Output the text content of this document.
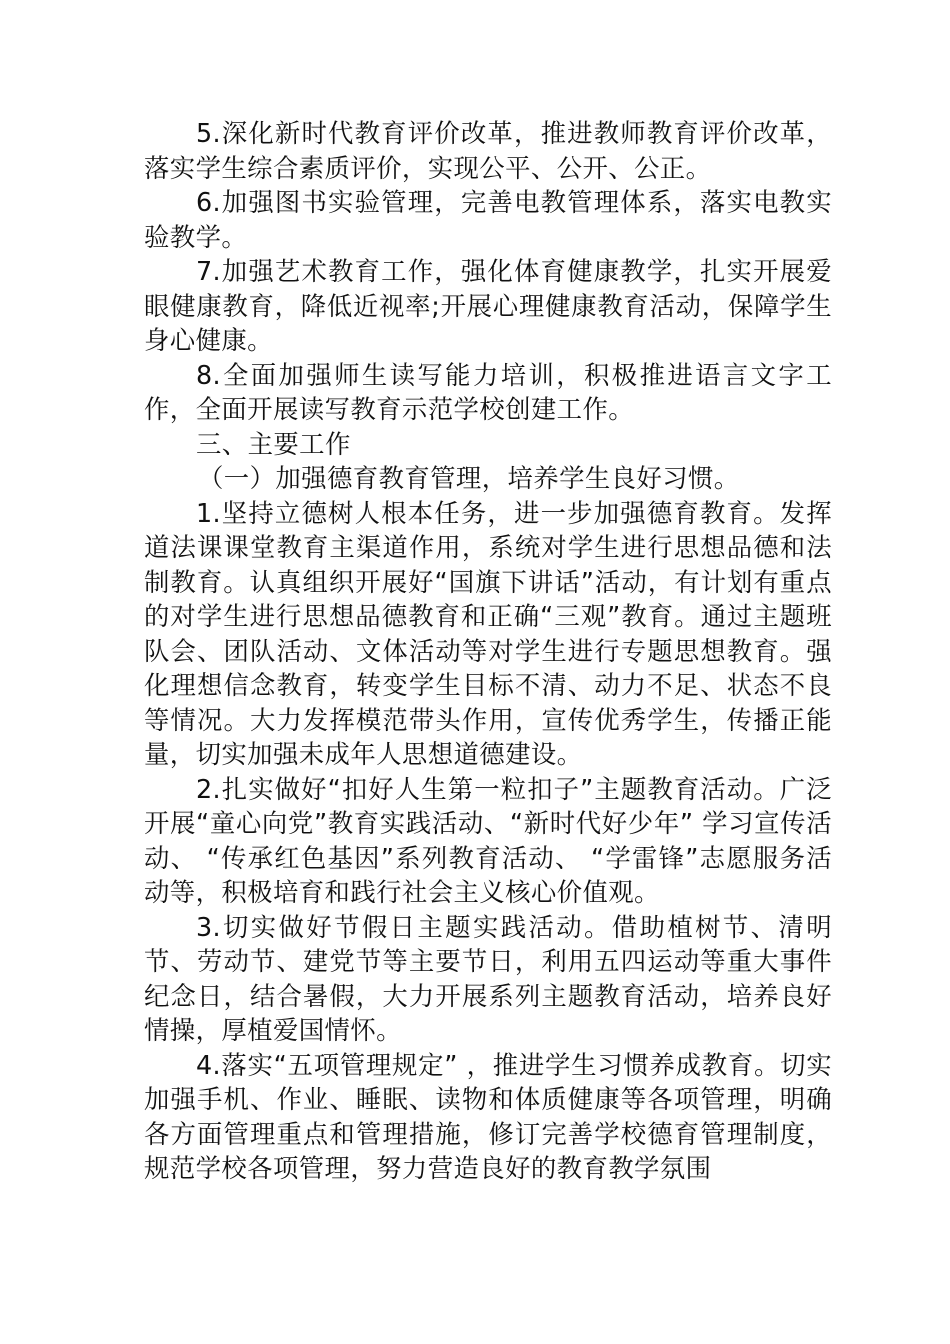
5.深化新时代教育评价改革，推进教师教育评价改革，落实学生综合素质评价，实现公平、公开、公正。

6.加强图书实验管理，完善电教管理体系，落实电教实验教学。

7.加强艺术教育工作，强化体育健康教学，扎实开展爱眼健康教育，降低近视率;开展心理健康教育活动，保障学生身心健康。

8.全面加强师生读写能力培训，积极推进语言文字工作，全面开展读写教育示范学校创建工作。

三、主要工作

（一）加强德育教育管理，培养学生良好习惯。

1.坚持立德树人根本任务，进一步加强德育教育。发挥道法课课堂教育主渠道作用，系统对学生进行思想品德和法制教育。认真组织开展好“国旗下讲话”活动，有计划有重点的对学生进行思想品德教育和正确“三观”教育。通过主题班队会、团队活动、文体活动等对学生进行专题思想教育。强化理想信念教育，转变学生目标不清、动力不足、状态不良等情况。大力发挥模范带头作用，宣传优秀学生，传播正能量，切实加强未成年人思想道德建设。

2.扎实做好“扣好人生第一粒扣子”主题教育活动。广泛开展“童心向党”教育实践活动、“新时代好少年” 学习宣传活动、 “传承红色基因”系列教育活动、 “学雷锋”志愿服务活动等，积极培育和践行社会主义核心价值观。

3.切实做好节假日主题实践活动。借助植树节、清明节、劳动节、建党节等主要节日，利用五四运动等重大事件纪念日，结合暑假，大力开展系列主题教育活动，培养良好情操，厚植爱国情怀。

4.落实“五项管理规定” ，推进学生习惯养成教育。切实加强手机、作业、睡眠、读物和体质健康等各项管理，明确各方面管理重点和管理措施，修订完善学校德育管理制度，规范学校各项管理，努力营造良好的教育教学氛围
